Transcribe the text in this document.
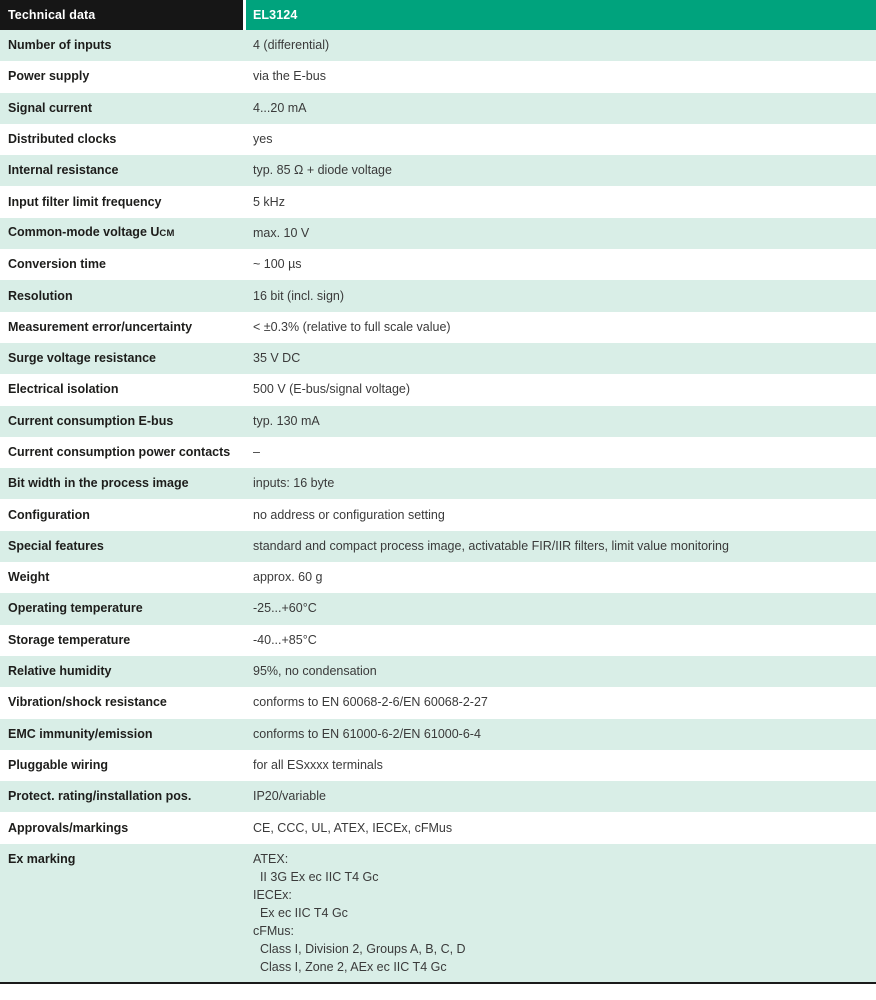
Technical data	EL3124
Number of inputs	4 (differential)
Power supply	via the E-bus
Signal current	4...20 mA
Distributed clocks	yes
Internal resistance	typ. 85 Ω + diode voltage
Input filter limit frequency	5 kHz
Common-mode voltage UCM	max. 10 V
Conversion time	~ 100 µs
Resolution	16 bit (incl. sign)
Measurement error/uncertainty	< ±0.3% (relative to full scale value)
Surge voltage resistance	35 V DC
Electrical isolation	500 V (E-bus/signal voltage)
Current consumption E-bus	typ. 130 mA
Current consumption power contacts	–
Bit width in the process image	inputs: 16 byte
Configuration	no address or configuration setting
Special features	standard and compact process image, activatable FIR/IIR filters, limit value monitoring
Weight	approx. 60 g
Operating temperature	-25...+60°C
Storage temperature	-40...+85°C
Relative humidity	95%, no condensation
Vibration/shock resistance	conforms to EN 60068-2-6/EN 60068-2-27
EMC immunity/emission	conforms to EN 61000-6-2/EN 61000-6-4
Pluggable wiring	for all ESxxxx terminals
Protect. rating/installation pos.	IP20/variable
Approvals/markings	CE, CCC, UL, ATEX, IECEx, cFMus
Ex marking	ATEX:
II 3G Ex ec IIC T4 Gc
IECEx:
Ex ec IIC T4 Gc
cFMus:
Class I, Division 2, Groups A, B, C, D
Class I, Zone 2, AEx ec IIC T4 Gc
